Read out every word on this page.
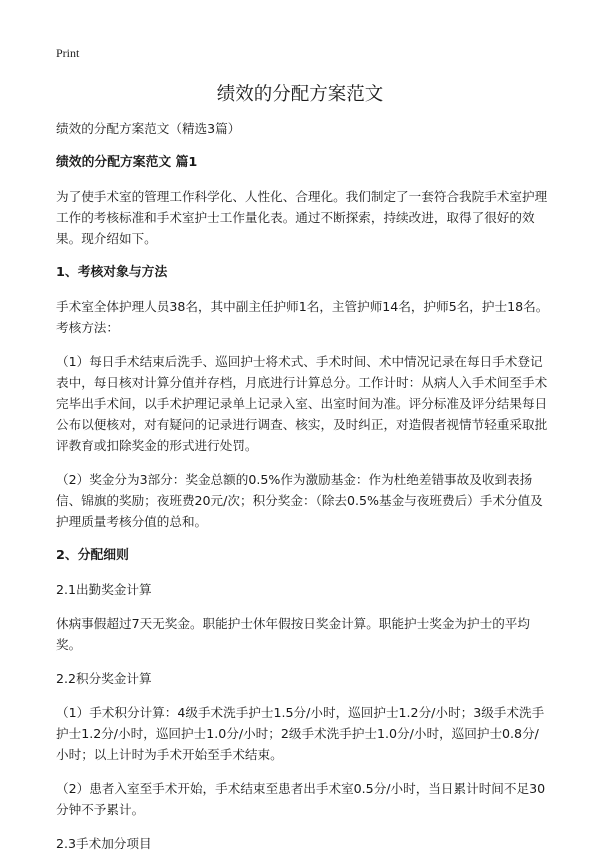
Print
绩效的分配方案范文

绩效的分配方案范文（精选3篇）

绩效的分配方案范文 篇1

为了使手术室的管理工作科学化、人性化、合理化。我们制定了一套符合我院手术室护理工作的考核标准和手术室护士工作量化表。通过不断探索，持续改进，取得了很好的效果。现介绍如下。

1、考核对象与方法

手术室全体护理人员38名，其中副主任护师1名，主管护师14名，护师5名，护士18名。考核方法：

（1）每日手术结束后洗手、巡回护士将术式、手术时间、术中情况记录在每日手术登记表中，每日核对计算分值并存档，月底进行计算总分。工作计时：从病人入手术间至手术完毕出手术间，以手术护理记录单上记录入室、出室时间为准。评分标准及评分结果每日公布以便核对，对有疑问的记录进行调查、核实，及时纠正，对造假者视情节轻重采取批评教育或扣除奖金的形式进行处罚。

（2）奖金分为3部分：奖金总额的0.5%作为激励基金：作为杜绝差错事故及收到表扬信、锦旗的奖励；夜班费20元/次；积分奖金：（除去0.5%基金与夜班费后）手术分值及护理质量考核分值的总和。

2、分配细则

2.1出勤奖金计算

休病事假超过7天无奖金。职能护士休年假按日奖金计算。职能护士奖金为护士的平均奖。

2.2积分奖金计算

（1）手术积分计算：4级手术洗手护士1.5分/小时，巡回护士1.2分/小时；3级手术洗手护士1.2分/小时，巡回护士1.0分/小时；2级手术洗手护士1.0分/小时，巡回护士0.8分/小时；以上计时为手术开始至手术结束。

（2）患者入室至手术开始，手术结束至患者出手术室0.5分/小时，当日累计时间不足30分钟不予累计。

2.3手术加分项目
